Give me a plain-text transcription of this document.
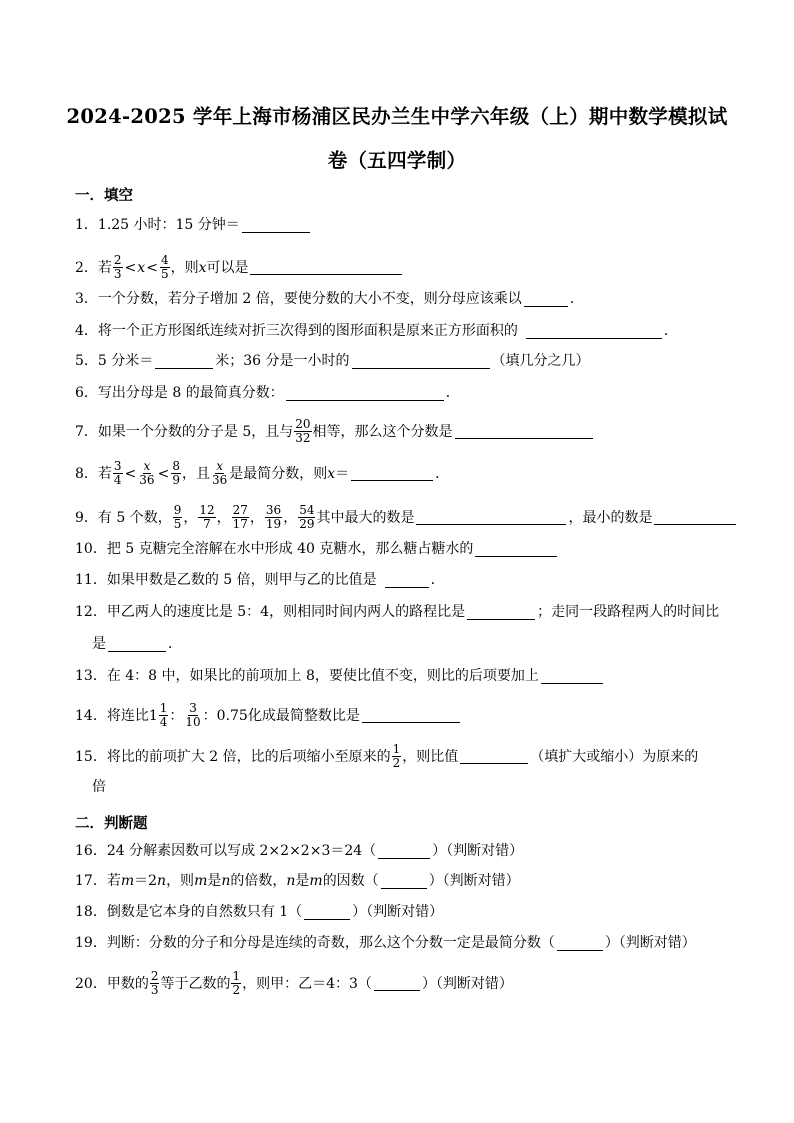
2024-2025 学年上海市杨浦区民办兰生中学六年级（上）期中数学模拟试
卷（五四学制）
一．填空
1．1.25 小时：15 分钟＝
2．若 $\frac{2}{3} < x < \frac{4}{5}$ ，则 x 可以是
3．一个分数，若分子增加 2 倍，要使分数的大小不变，则分母应该乘以	．
4．将一个正方形图纸连续对折三次得到的图形面积是原来正方形面积的	．
5．5 分米＝	米；36 分是一小时的	（填几分之几）
6．写出分母是 8 的最简真分数：	．
7．如果一个分数的分子是 5，且与 $\frac{20}{32}$ 相等，那么这个分数是
8．若 $\frac{3}{4} < \frac{x}{36} < \frac{8}{9}$ ，且 $\frac{x}{36}$ 是最简分数，则 x ＝	．
9．有 5 个数， $\frac{9}{5}$ ， $\frac{12}{7}$ ， $\frac{27}{17}$ ， $\frac{36}{19}$ ， $\frac{54}{29}$ 其中最大的数是	，最小的数是
10．把 5 克糖完全溶解在水中形成 40 克糖水，那么糖占糖水的
11．如果甲数是乙数的 5 倍，则甲与乙的比值是	．
12．甲乙两人的速度比是 5：4，则相同时间内两人的路程比是	；走同一段路程两人的时间比
是	．
13．在 4：8 中，如果比的前项加上 8，要使比值不变，则比的后项要加上
14．将连比 $1 \frac{1}{4}$ ： $\frac{3}{10}$ ：0.75化成最简整数比是
15．将比的前项扩大 2 倍，比的后项缩小至原来的 $\frac{1}{2}$ ，则比值	（填扩大或缩小）为原来的
倍
二．判断题
16．24 分解素因数可以写成 2×2×2×3＝24（	）（判断对错）
17．若 m ＝2 n ，则 m 是 n 的倍数， n 是 m 的因数（	）（判断对错）
18．倒数是它本身的自然数只有 1（	）（判断对错）
19．判断：分数的分子和分母是连续的奇数，那么这个分数一定是最简分数（	）（判断对错）
20．甲数的 $\frac{2}{3}$ 等于乙数的 $\frac{1}{2}$ ，则甲：乙＝4：3（	）（判断对错）
